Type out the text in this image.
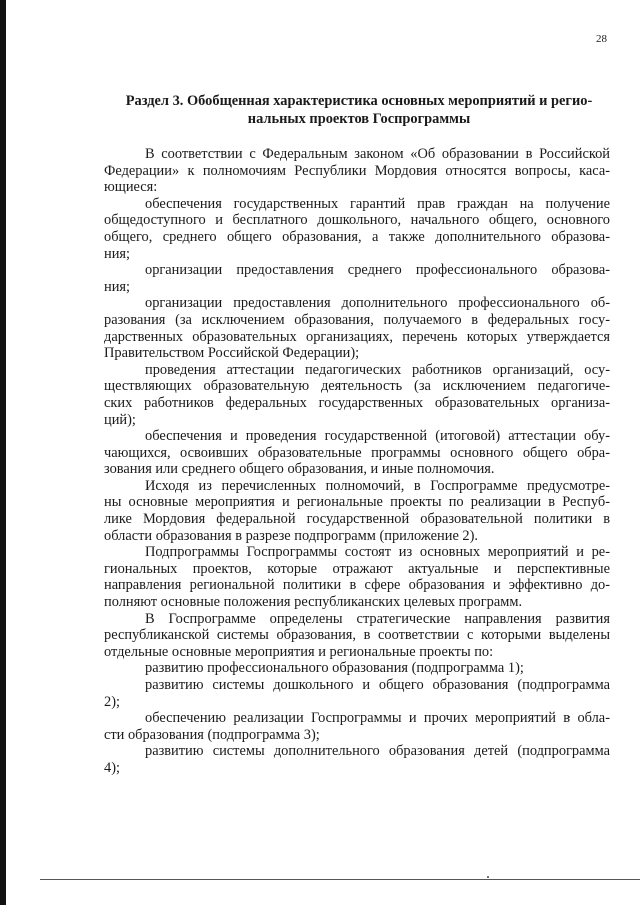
28
Раздел 3. Обобщенная характеристика основных мероприятий и регио-
нальных проектов Госпрограммы
В соответствии с Федеральным законом «Об образовании в Российской
Федерации» к полномочиям Республики Мордовия относятся вопросы, каса-
ющиеся:
обеспечения государственных гарантий прав граждан на получение
общедоступного и бесплатного дошкольного, начального общего, основного
общего, среднего общего образования, а также дополнительного образова-
ния;
организации предоставления среднего профессионального образова-
ния;
организации предоставления дополнительного профессионального об-
разования (за исключением образования, получаемого в федеральных госу-
дарственных образовательных организациях, перечень которых утверждается
Правительством Российской Федерации);
проведения аттестации педагогических работников организаций, осу-
ществляющих образовательную деятельность (за исключением педагогиче-
ских работников федеральных государственных образовательных организа-
ций);
обеспечения и проведения государственной (итоговой) аттестации обу-
чающихся, освоивших образовательные программы основного общего обра-
зования или среднего общего образования, и иные полномочия.
Исходя из перечисленных полномочий, в Госпрограмме предусмотре-
ны основные мероприятия и региональные проекты по реализации в Респуб-
лике Мордовия федеральной государственной образовательной политики в
области образования в разрезе подпрограмм (приложение 2).
Подпрограммы Госпрограммы состоят из основных мероприятий и ре-
гиональных проектов, которые отражают актуальные и перспективные
направления региональной политики в сфере образования и эффективно до-
полняют основные положения республиканских целевых программ.
В Госпрограмме определены стратегические направления развития
республиканской системы образования, в соответствии с которыми выделены
отдельные основные мероприятия и региональные проекты по:
развитию профессионального образования (подпрограмма 1);
развитию системы дошкольного и общего образования (подпрограмма
2);
обеспечению реализации Госпрограммы и прочих мероприятий в обла-
сти образования (подпрограмма 3);
развитию системы дополнительного образования детей (подпрограмма
4);
